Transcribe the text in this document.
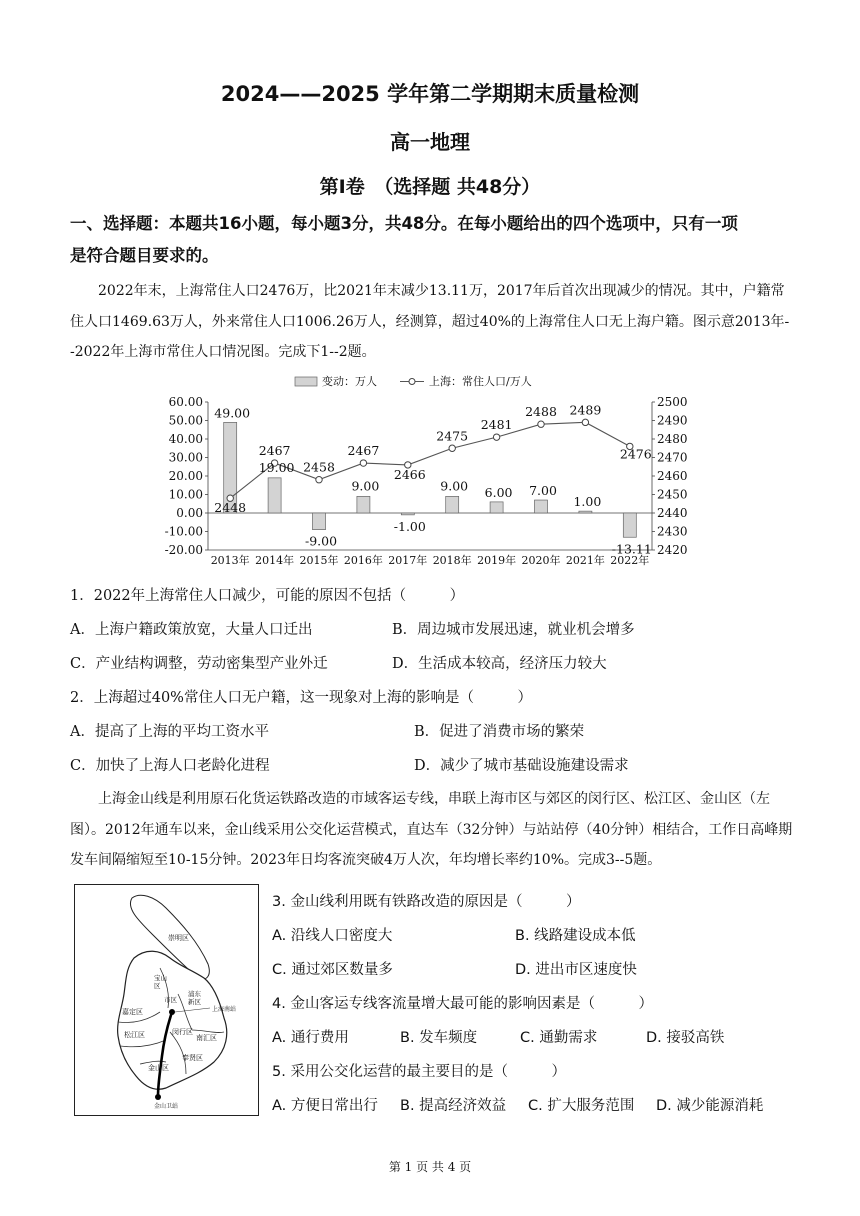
2024——2025 学年第二学期期末质量检测
高一地理
第Ⅰ卷　（选择题 共48分）
一、选择题：本题共16小题，每小题3分，共48分。在每小题给出的四个选项中，只有一项
是符合题目要求的。
2022年末，上海常住人口2476万，比2021年末减少13.11万，2017年后首次出现减少的情况。其中，户籍常住人口1469.63万人，外来常住人口1006.26万人，经测算，超过40%的上海常住人口无上海户籍。图示意2013年--2022年上海市常住人口情况图。完成下1--2题。
60.00
50.00
40.00
30.00
20.00
10.00
0.00
-10.00
-20.00
2500
2490
2480
2470
2460
2450
2440
2430
2420
2013年 2014年 2015年 2016年 2017年 2018年 2019年 2020年 2021年 2022年
49.00
19.00
-9.00
9.00
-1.00
9.00 6.00 7.00
1.00
-13.11
2448
2467
2458
2467
2466
2475
2481
2488 2489
2476
变动：万人	上海：常住人口/万人
1．2022年上海常住人口减少，可能的原因不包括（　　　）
A．上海户籍政策放宽，大量人口迁出	B．周边城市发展迅速，就业机会增多
C．产业结构调整，劳动密集型产业外迁	D．生活成本较高，经济压力较大
2．上海超过40%常住人口无户籍，这一现象对上海的影响是（　　　）
A．提高了上海的平均工资水平	B．促进了消费市场的繁荣
C．加快了上海人口老龄化进程	D．减少了城市基础设施建设需求
上海金山线是利用原石化货运铁路改造的市域客运专线，串联上海市区与郊区的闵行区、松江区、金山区（左图）。2012年通车以来，金山线采用公交化运营模式，直达车（32分钟）与站站停（40分钟）相结合，工作日高峰期发车间隔缩短至10-15分钟。2023年日均客流突破4万人次，年均增长率约10%。完成3--5题。
崇明区
宝山区
嘉定区
市区
浦东新区
上海南站
闵行区
松江区	南汇区
奉贤区
金山区
金山卫站
3. 金山线利用既有铁路改造的原因是（　　　）
A. 沿线人口密度大	B. 线路建设成本低
C. 通过郊区数量多	D. 进出市区速度快
4. 金山客运专线客流量增大最可能的影响因素是（　　　）
A. 通行费用	B. 发车频度	C. 通勤需求	D. 接驳高铁
5. 采用公交化运营的最主要目的是（　　　）
A. 方便日常出行 B. 提高经济效益 C. 扩大服务范围 D. 减少能源消耗
第 1 页 共 4 页
